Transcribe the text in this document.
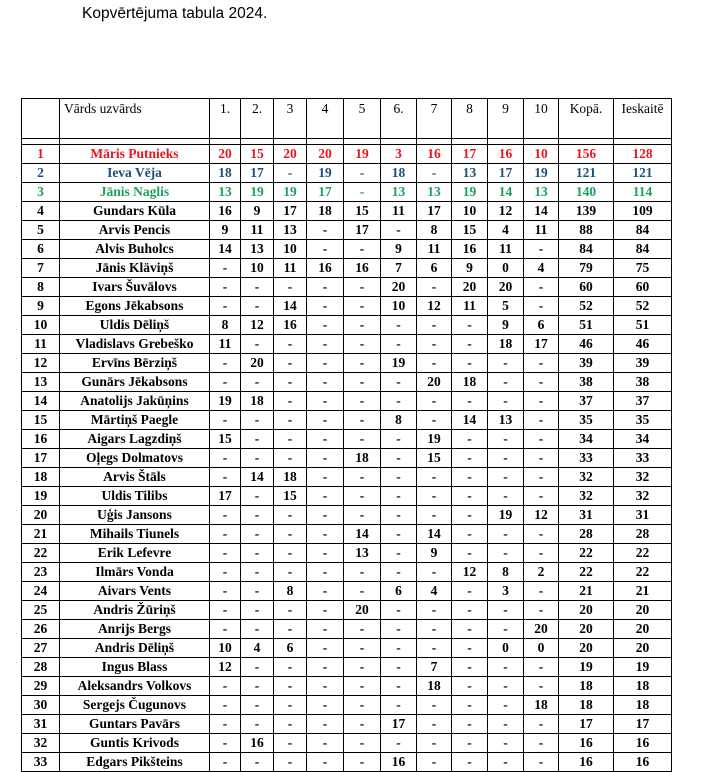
Kopvērtējuma tabula 2024.
	Vārds uzvārds	1.	2.	3	4	5	6.	7	8	9	10	Kopā.	Ieskaitē

1	Māris Putnieks	20	15	20	20	19	3	16	17	16	10	156	128
2	Ieva Vēja	18	17	-	19	-	18	-	13	17	19	121	121
3	Jānis Naglis	13	19	19	17	-	13	13	19	14	13	140	114
4	Gundars Kūla	16	9	17	18	15	11	17	10	12	14	139	109
5	Arvis Pencis	9	11	13	-	17	-	8	15	4	11	88	84
6	Alvis Buholcs	14	13	10	-	-	9	11	16	11	-	84	84
7	Jānis Kläviņš	-	10	11	16	16	7	6	9	0	4	79	75
8	Ivars Šuvālovs	-	-	-	-	-	20	-	20	20	-	60	60
9	Egons Jēkabsons	-	-	14	-	-	10	12	11	5	-	52	52
10	Uldis Dēliņš	8	12	16	-	-	-	-	-	9	6	51	51
11	Vladislavs Grebeško	11	-	-	-	-	-	-	-	18	17	46	46
12	Ervīns Bērziņš	-	20	-	-	-	19	-	-	-	-	39	39
13	Gunārs Jēkabsons	-	-	-	-	-	-	20	18	-	-	38	38
14	Anatolijs Jakūņins	19	18	-	-	-	-	-	-	-	-	37	37
15	Mārtiņš Paegle	-	-	-	-	-	8	-	14	13	-	35	35
16	Aigars Lagzdiņš	15	-	-	-	-	-	19	-	-	-	34	34
17	Oļegs Dolmatovs	-	-	-	-	18	-	15	-	-	-	33	33
18	Arvis Štāls	-	14	18	-	-	-	-	-	-	-	32	32
19	Uldis Tilibs	17	-	15	-	-	-	-	-	-	-	32	32
20	Uģis Jansons	-	-	-	-	-	-	-	-	19	12	31	31
21	Mihails Tiunels	-	-	-	-	14	-	14	-	-	-	28	28
22	Erik Lefevre	-	-	-	-	13	-	9	-	-	-	22	22
23	Ilmārs Vonda	-	-	-	-	-	-	-	12	8	2	22	22
24	Aivars Vents	-	-	8	-	-	6	4	-	3	-	21	21
25	Andris Žūriņš	-	-	-	-	20	-	-	-	-	-	20	20
26	Anrijs Bergs	-	-	-	-	-	-	-	-	-	20	20	20
27	Andris Dēliņš	10	4	6	-	-	-	-	-	0	0	20	20
28	Ingus Blass	12	-	-	-	-	-	7	-	-	-	19	19
29	Aleksandrs Volkovs	-	-	-	-	-	-	18	-	-	-	18	18
30	Sergejs Čugunovs	-	-	-	-	-	-	-	-	-	18	18	18
31	Guntars Pavārs	-	-	-	-	-	17	-	-	-	-	17	17
32	Guntis Krivods	-	16	-	-	-	-	-	-	-	-	16	16
33	Edgars Pikšteins	-	-	-	-	-	16	-	-	-	-	16	16
